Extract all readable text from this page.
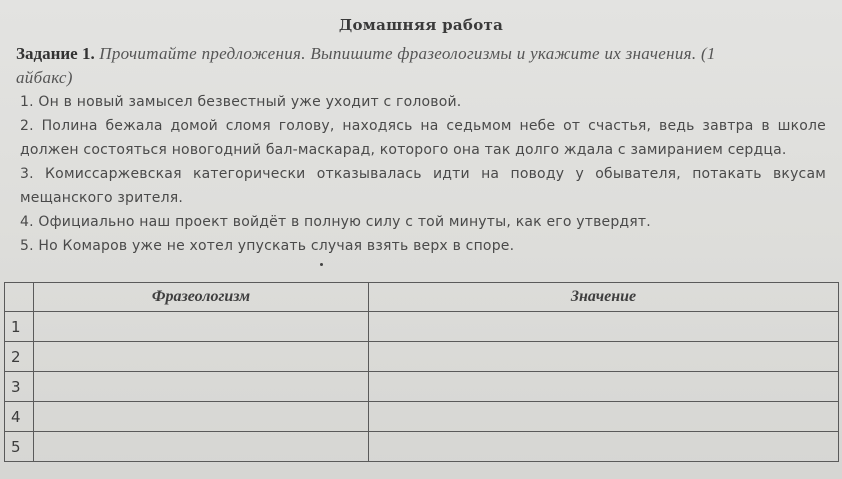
Домашняя работа
Задание 1. Прочитайте предложения. Выпишите фразеологизмы и укажите их значения. (1
айбакс)
1. Он в новый замысел безвестный уже уходит с головой.
2. Полина бежала домой сломя голову, находясь на седьмом небе от счастья, ведь завтра в школе
должен состояться новогодний бал-маскарад, которого она так долго ждала с замиранием сердца.
3. Комиссаржевская категорически отказывалась идти на поводу у обывателя, потакать вкусам
мещанского зрителя.
4. Официально наш проект войдёт в полную силу с той минуты, как его утвердят.
5. Но Комаров уже не хотел упускать случая взять верх в споре.
	Фразеологизм	Значение
1		
2		
3		
4		
5		
